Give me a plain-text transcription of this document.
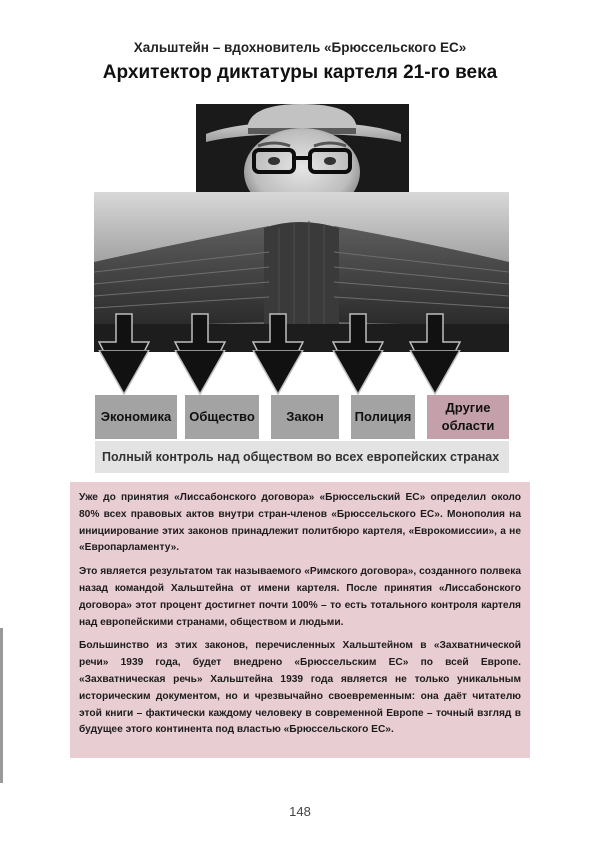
Хальштейн – вдохновитель «Брюссельского ЕС»
Архитектор диктатуры картеля 21-го века
Экономика	Общество	Закон	Полиция
Другие
области
Полный контроль над обществом во всех европейских странах

Уже до принятия «Лиссабонского договора» «Брюссельский ЕС» определил около 80% всех правовых актов внутри стран-членов «Брюссельского ЕС». Монополия на инициирование этих законов принадлежит политбюро картеля, «Еврокомиссии», а не «Европарламенту».

Это является результатом так называемого «Римского договора», созданного полвека назад командой Хальштейна от имени картеля. После принятия «Лиссабонского договора» этот процент достигнет почти 100% – то есть тотального контроля картеля над европейскими странами, обществом и людьми.

Большинство из этих законов, перечисленных Хальштейном в «Захватнической речи» 1939 года, будет внедрено «Брюссельским ЕС» по всей Европе. «Захватническая речь» Хальштейна 1939 года является не только уникальным историческим документом, но и чрезвычайно своевременным: она даёт читателю этой книги – фактически каждому человеку в современной Европе – точный взгляд в будущее этого континента под властью «Брюссельского ЕС».

148
